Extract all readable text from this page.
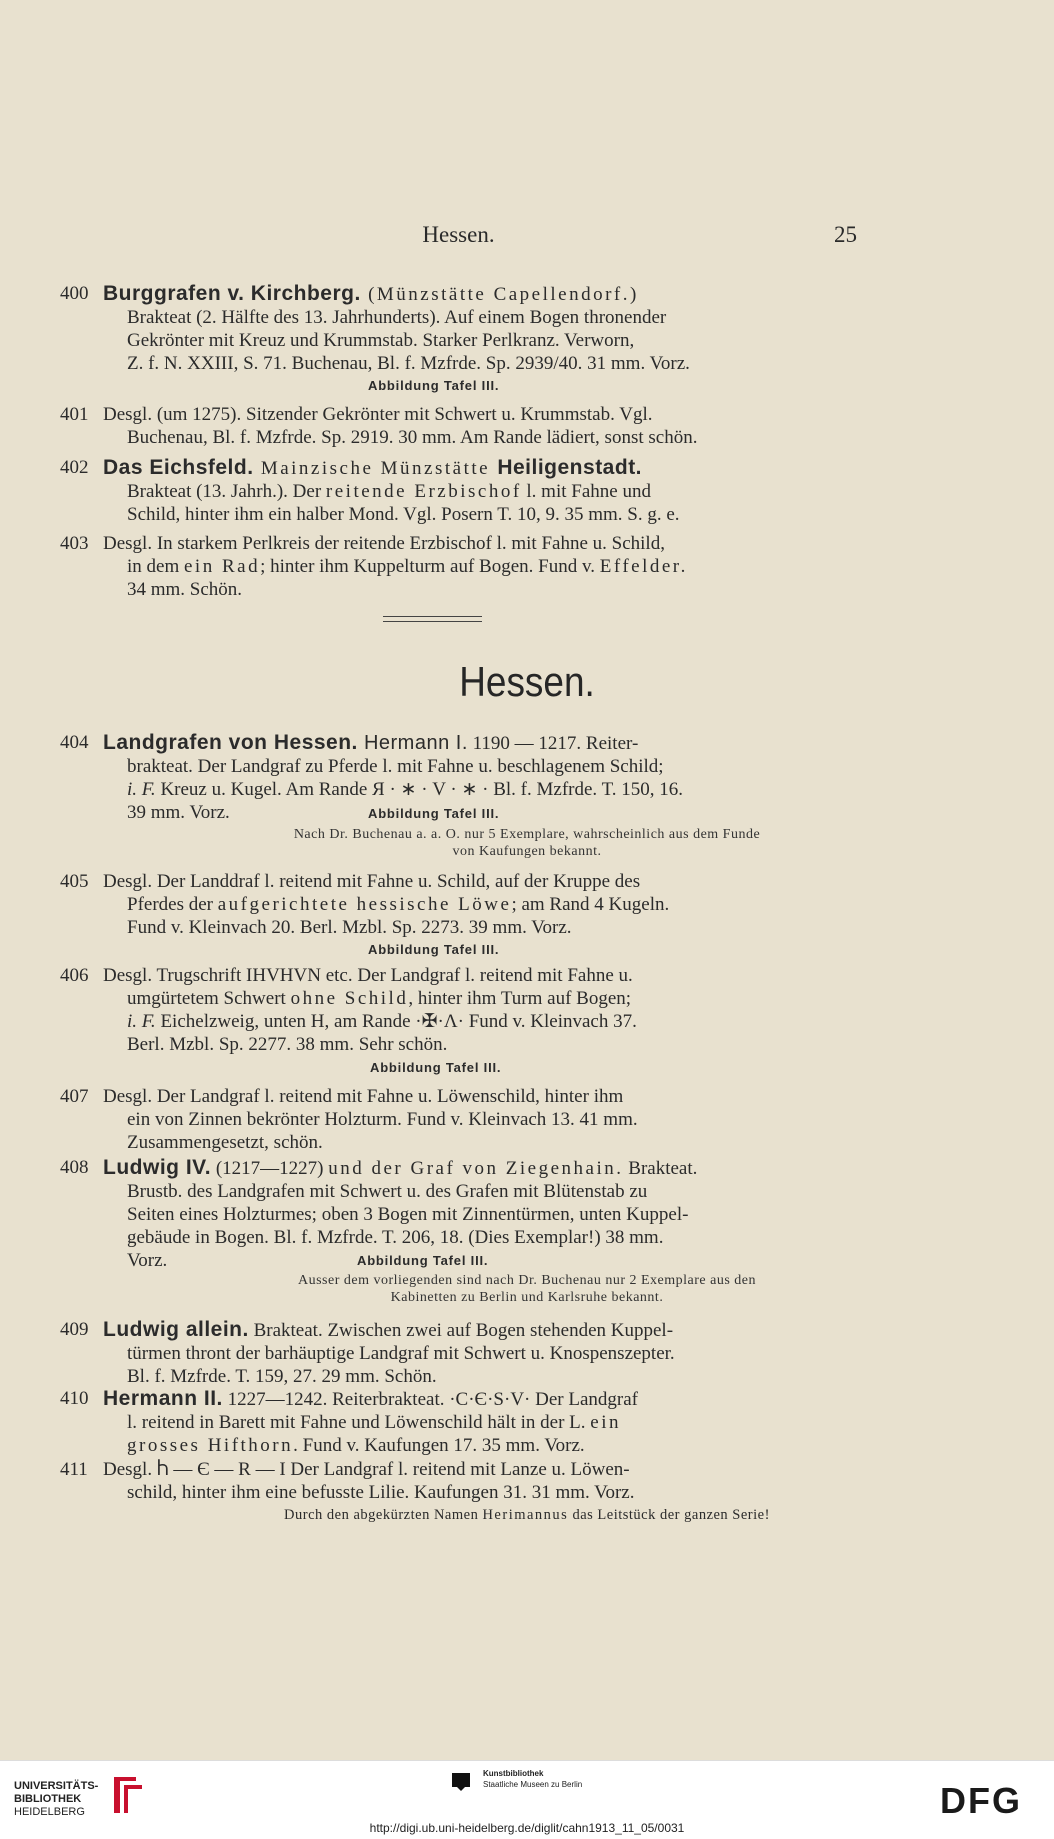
Hessen.	25
400 Burggrafen v. Kirchberg. (Münzstätte Capellendorf.)
Brakteat (2. Hälfte des 13. Jahrhunderts). Auf einem Bogen thronender
Gekrönter mit Kreuz und Krummstab. Starker Perlkranz. Verworn,
Z. f. N. XXIII, S. 71. Buchenau, Bl. f. Mzfrde. Sp. 2939/40. 31 mm. Vorz.
Abbildung Tafel III.
401 Desgl. (um 1275). Sitzender Gekrönter mit Schwert u. Krummstab. Vgl.
Buchenau, Bl. f. Mzfrde. Sp. 2919. 30 mm. Am Rande lädiert, sonst schön.
402 Das Eichsfeld. Mainzische Münzstätte Heiligenstadt.
Brakteat (13. Jahrh.). Der reitende Erzbischof l. mit Fahne und
Schild, hinter ihm ein halber Mond. Vgl. Posern T. 10, 9. 35 mm. S. g. e.
403 Desgl. In starkem Perlkreis der reitende Erzbischof l. mit Fahne u. Schild,
in dem ein Rad; hinter ihm Kuppelturm auf Bogen. Fund v. Effelder.
34 mm. Schön.
Hessen.
404 Landgrafen von Hessen. Hermann I. 1190 — 1217. Reiter-
brakteat. Der Landgraf zu Pferde l. mit Fahne u. beschlagenem Schild;
i. F. Kreuz u. Kugel. Am Rande Я · ∗ · V · ∗ · Bl. f. Mzfrde. T. 150, 16.
39 mm. Vorz.	Abbildung Tafel III.
Nach Dr. Buchenau a. a. O. nur 5 Exemplare, wahrscheinlich aus dem Funde
von Kaufungen bekannt.
405 Desgl. Der Landdraf l. reitend mit Fahne u. Schild, auf der Kruppe des
Pferdes der aufgerichtete hessische Löwe; am Rand 4 Kugeln.
Fund v. Kleinvach 20. Berl. Mzbl. Sp. 2273. 39 mm. Vorz.
Abbildung Tafel III.
406 Desgl. Trugschrift IHVHVN etc. Der Landgraf l. reitend mit Fahne u.
umgürtetem Schwert ohne Schild, hinter ihm Turm auf Bogen;
i. F. Eichelzweig, unten H, am Rande ·✠·Ʌ· Fund v. Kleinvach 37.
Berl. Mzbl. Sp. 2277. 38 mm. Sehr schön.
Abbildung Tafel III.
407 Desgl. Der Landgraf l. reitend mit Fahne u. Löwenschild, hinter ihm
ein von Zinnen bekrönter Holzturm. Fund v. Kleinvach 13. 41 mm.
Zusammengesetzt, schön.
408 Ludwig IV. (1217—1227) und der Graf von Ziegenhain. Brakteat.
Brustb. des Landgrafen mit Schwert u. des Grafen mit Blütenstab zu
Seiten eines Holzturmes; oben 3 Bogen mit Zinnentürmen, unten Kuppel-
gebäude in Bogen. Bl. f. Mzfrde. T. 206, 18. (Dies Exemplar!) 38 mm.
Vorz.	Abbildung Tafel III.
Ausser dem vorliegenden sind nach Dr. Buchenau nur 2 Exemplare aus den
Kabinetten zu Berlin und Karlsruhe bekannt.
409 Ludwig allein. Brakteat. Zwischen zwei auf Bogen stehenden Kuppel-
türmen thront der barhäuptige Landgraf mit Schwert u. Knospenszepter.
Bl. f. Mzfrde. T. 159, 27. 29 mm. Schön.
410 Hermann II. 1227—1242. Reiterbrakteat. ·C·Є·S·V· Der Landgraf
l. reitend in Barett mit Fahne und Löwenschild hält in der L. ein
grosses Hifthorn. Fund v. Kaufungen 17. 35 mm. Vorz.
411 Desgl. Ⴙ — Є — R — I Der Landgraf l. reitend mit Lanze u. Löwen-
schild, hinter ihm eine befusste Lilie. Kaufungen 31. 31 mm. Vorz.
Durch den abgekürzten Namen Herimannus das Leitstück der ganzen Serie!
UNIVERSITÄTS-
BIBLIOTHEK
HEIDELBERG
Kunstbibliothek
Staatliche Museen zu Berlin	DFG
http://digi.ub.uni-heidelberg.de/diglit/cahn1913_11_05/0031
